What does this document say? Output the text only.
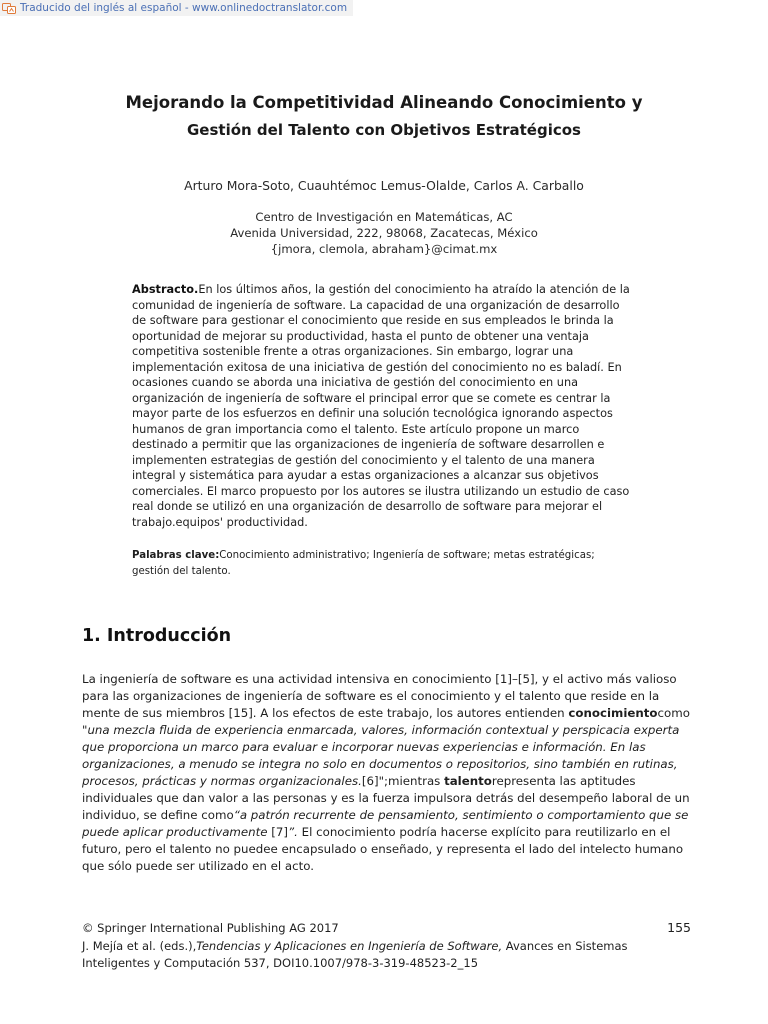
Traducido del inglés al español - www.onlinedoctranslator.com
Mejorando la Competitividad Alineando Conocimiento y
Gestión del Talento con Objetivos Estratégicos
Arturo Mora-Soto, Cuauhtémoc Lemus-Olalde, Carlos A. Carballo
Centro de Investigación en Matemáticas, AC
Avenida Universidad, 222, 98068, Zacatecas, México
{jmora, clemola, abraham}@cimat.mx
Abstracto.En los últimos años, la gestión del conocimiento ha atraído la atención de la comunidad de ingeniería de software. La capacidad de una organización de desarrollo de software para gestionar el conocimiento que reside en sus empleados le brinda la oportunidad de mejorar su productividad, hasta el punto de obtener una ventaja competitiva sostenible frente a otras organizaciones. Sin embargo, lograr una implementación exitosa de una iniciativa de gestión del conocimiento no es baladí. En ocasiones cuando se aborda una iniciativa de gestión del conocimiento en una organización de ingeniería de software el principal error que se comete es centrar la mayor parte de los esfuerzos en definir una solución tecnológica ignorando aspectos humanos de gran importancia como el talento. Este artículo propone un marco destinado a permitir que las organizaciones de ingeniería de software desarrollen e implementen estrategias de gestión del conocimiento y el talento de una manera integral y sistemática para ayudar a estas organizaciones a alcanzar sus objetivos comerciales. El marco propuesto por los autores se ilustra utilizando un estudio de caso real donde se utilizó en una organización de desarrollo de software para mejorar el trabajo.equipos' productividad.
Palabras clave:Conocimiento administrativo; Ingeniería de software; metas estratégicas; gestión del talento.
1. Introducción
La ingeniería de software es una actividad intensiva en conocimiento [1]–[5], y el activo más valioso para las organizaciones de ingeniería de software es el conocimiento y el talento que reside en la mente de sus miembros [15]. A los efectos de este trabajo, los autores entienden conocimientocomo "una mezcla fluida de experiencia enmarcada, valores, información contextual y perspicacia experta que proporciona un marco para evaluar e incorporar nuevas experiencias e información. En las organizaciones, a menudo se integra no solo en documentos o repositorios, sino también en rutinas, procesos, prácticas y normas organizacionales.[6]";mientras talentorepresenta las aptitudes individuales que dan valor a las personas y es la fuerza impulsora detrás del desempeño laboral de un individuo, se define como“a patrón recurrente de pensamiento, sentimiento o comportamiento que se puede aplicar productivamente [7]”. El conocimiento podría hacerse explícito para reutilizarlo en el futuro, pero el talento no puedee encapsulado o enseñado, y representa el lado del intelecto humano que sólo puede ser utilizado en el acto.
© Springer International Publishing AG 2017
J. Mejía et al. (eds.),Tendencias y Aplicaciones en Ingeniería de Software, Avances en Sistemas Inteligentes y Computación 537, DOI10.1007/978-3-319-48523-2_15
155
